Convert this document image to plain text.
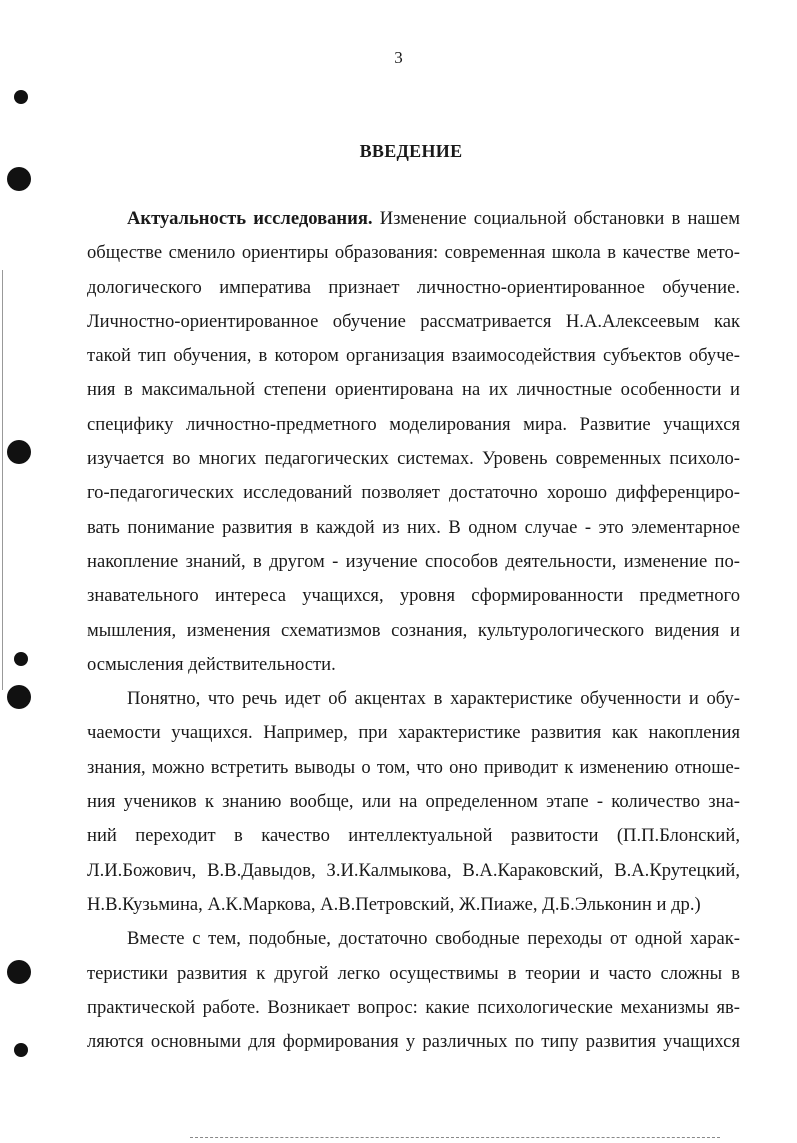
3
ВВЕДЕНИЕ
Актуальность исследования. Изменение социальной обстановки в нашем
обществе сменило ориентиры образования: современная школа в качестве мето-
дологического императива признает личностно-ориентированное обучение.
Личностно-ориентированное обучение рассматривается Н.А.Алексеевым как
такой тип обучения, в котором организация взаимосодействия субъектов обуче-
ния в максимальной степени ориентирована на их личностные особенности и
специфику личностно-предметного моделирования мира. Развитие учащихся
изучается во многих педагогических системах. Уровень современных психоло-
го-педагогических исследований позволяет достаточно хорошо дифференциро-
вать понимание развития в каждой из них. В одном случае - это элементарное
накопление знаний, в другом - изучение способов деятельности, изменение по-
знавательного интереса учащихся, уровня сформированности предметного
мышления, изменения схематизмов сознания, культурологического видения и
осмысления действительности.
Понятно, что речь идет об акцентах в характеристике обученности и обу-
чаемости учащихся. Например, при характеристике развития как накопления
знания, можно встретить выводы о том, что оно приводит к изменению отноше-
ния учеников к знанию вообще, или на определенном этапе - количество зна-
ний переходит в качество интеллектуальной развитости (П.П.Блонский,
Л.И.Божович, В.В.Давыдов, З.И.Калмыкова, В.А.Караковский, В.А.Крутецкий,
Н.В.Кузьмина, А.К.Маркова, А.В.Петровский, Ж.Пиаже, Д.Б.Эльконин и др.)
Вместе с тем, подобные, достаточно свободные переходы от одной харак-
теристики развития к другой легко осуществимы в теории и часто сложны в
практической работе. Возникает вопрос: какие психологические механизмы яв-
ляются основными для формирования у различных по типу развития учащихся
